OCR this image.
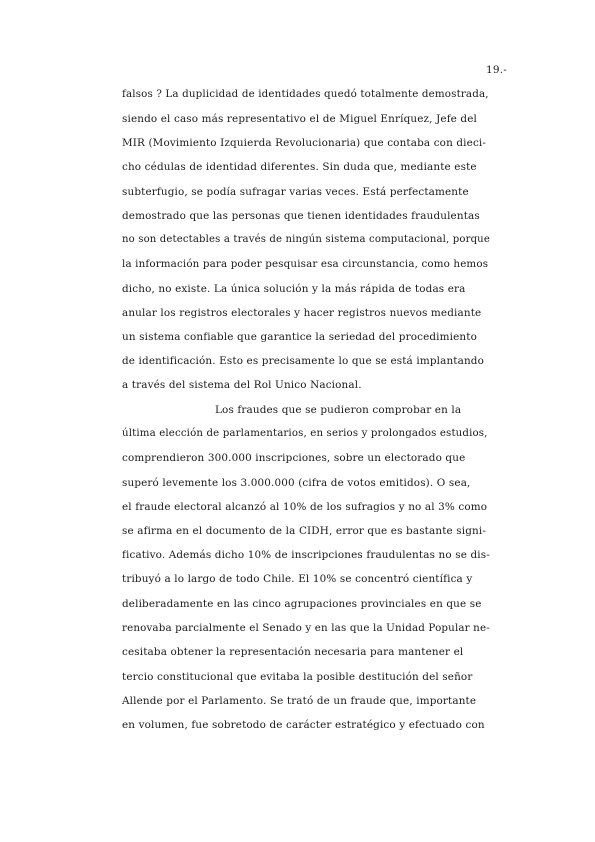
19.-
falsos ? La duplicidad de identidades quedó totalmente demostrada,
siendo el caso más representativo el de Miguel Enríquez, Jefe del
MIR (Movimiento Izquierda Revolucionaria) que contaba con dieci-
cho cédulas de identidad diferentes. Sin duda que, mediante este
subterfugio, se podía sufragar varias veces. Está perfectamente
demostrado que las personas que tienen identidades fraudulentas
no son detectables a través de ningún sistema computacional, porque
la información para poder pesquisar esa circunstancia, como hemos
dicho, no existe. La única solución y la más rápida de todas era
anular los registros electorales y hacer registros nuevos mediante
un sistema confiable que garantice la seriedad del procedimiento
de identificación. Esto es precisamente lo que se está implantando
a través del sistema del Rol Unico Nacional.
Los fraudes que se pudieron comprobar en la
última elección de parlamentarios, en serios y prolongados estudios,
comprendieron 300.000 inscripciones, sobre un electorado que
superó levemente los 3.000.000 (cifra de votos emitidos). O sea,
el fraude electoral alcanzó al 10% de los sufragios y no al 3% como
se afirma en el documento de la CIDH, error que es bastante signi-
ficativo. Además dicho 10% de inscripciones fraudulentas no se dis-
tribuyó a lo largo de todo Chile. El 10% se concentró científica y
deliberadamente en las cinco agrupaciones provinciales en que se
renovaba parcialmente el Senado y en las que la Unidad Popular ne-
cesitaba obtener la representación necesaria para mantener el
tercio constitucional que evitaba la posible destitución del señor
Allende por el Parlamento. Se trató de un fraude que, importante
en volumen, fue sobretodo de carácter estratégico y efectuado con
